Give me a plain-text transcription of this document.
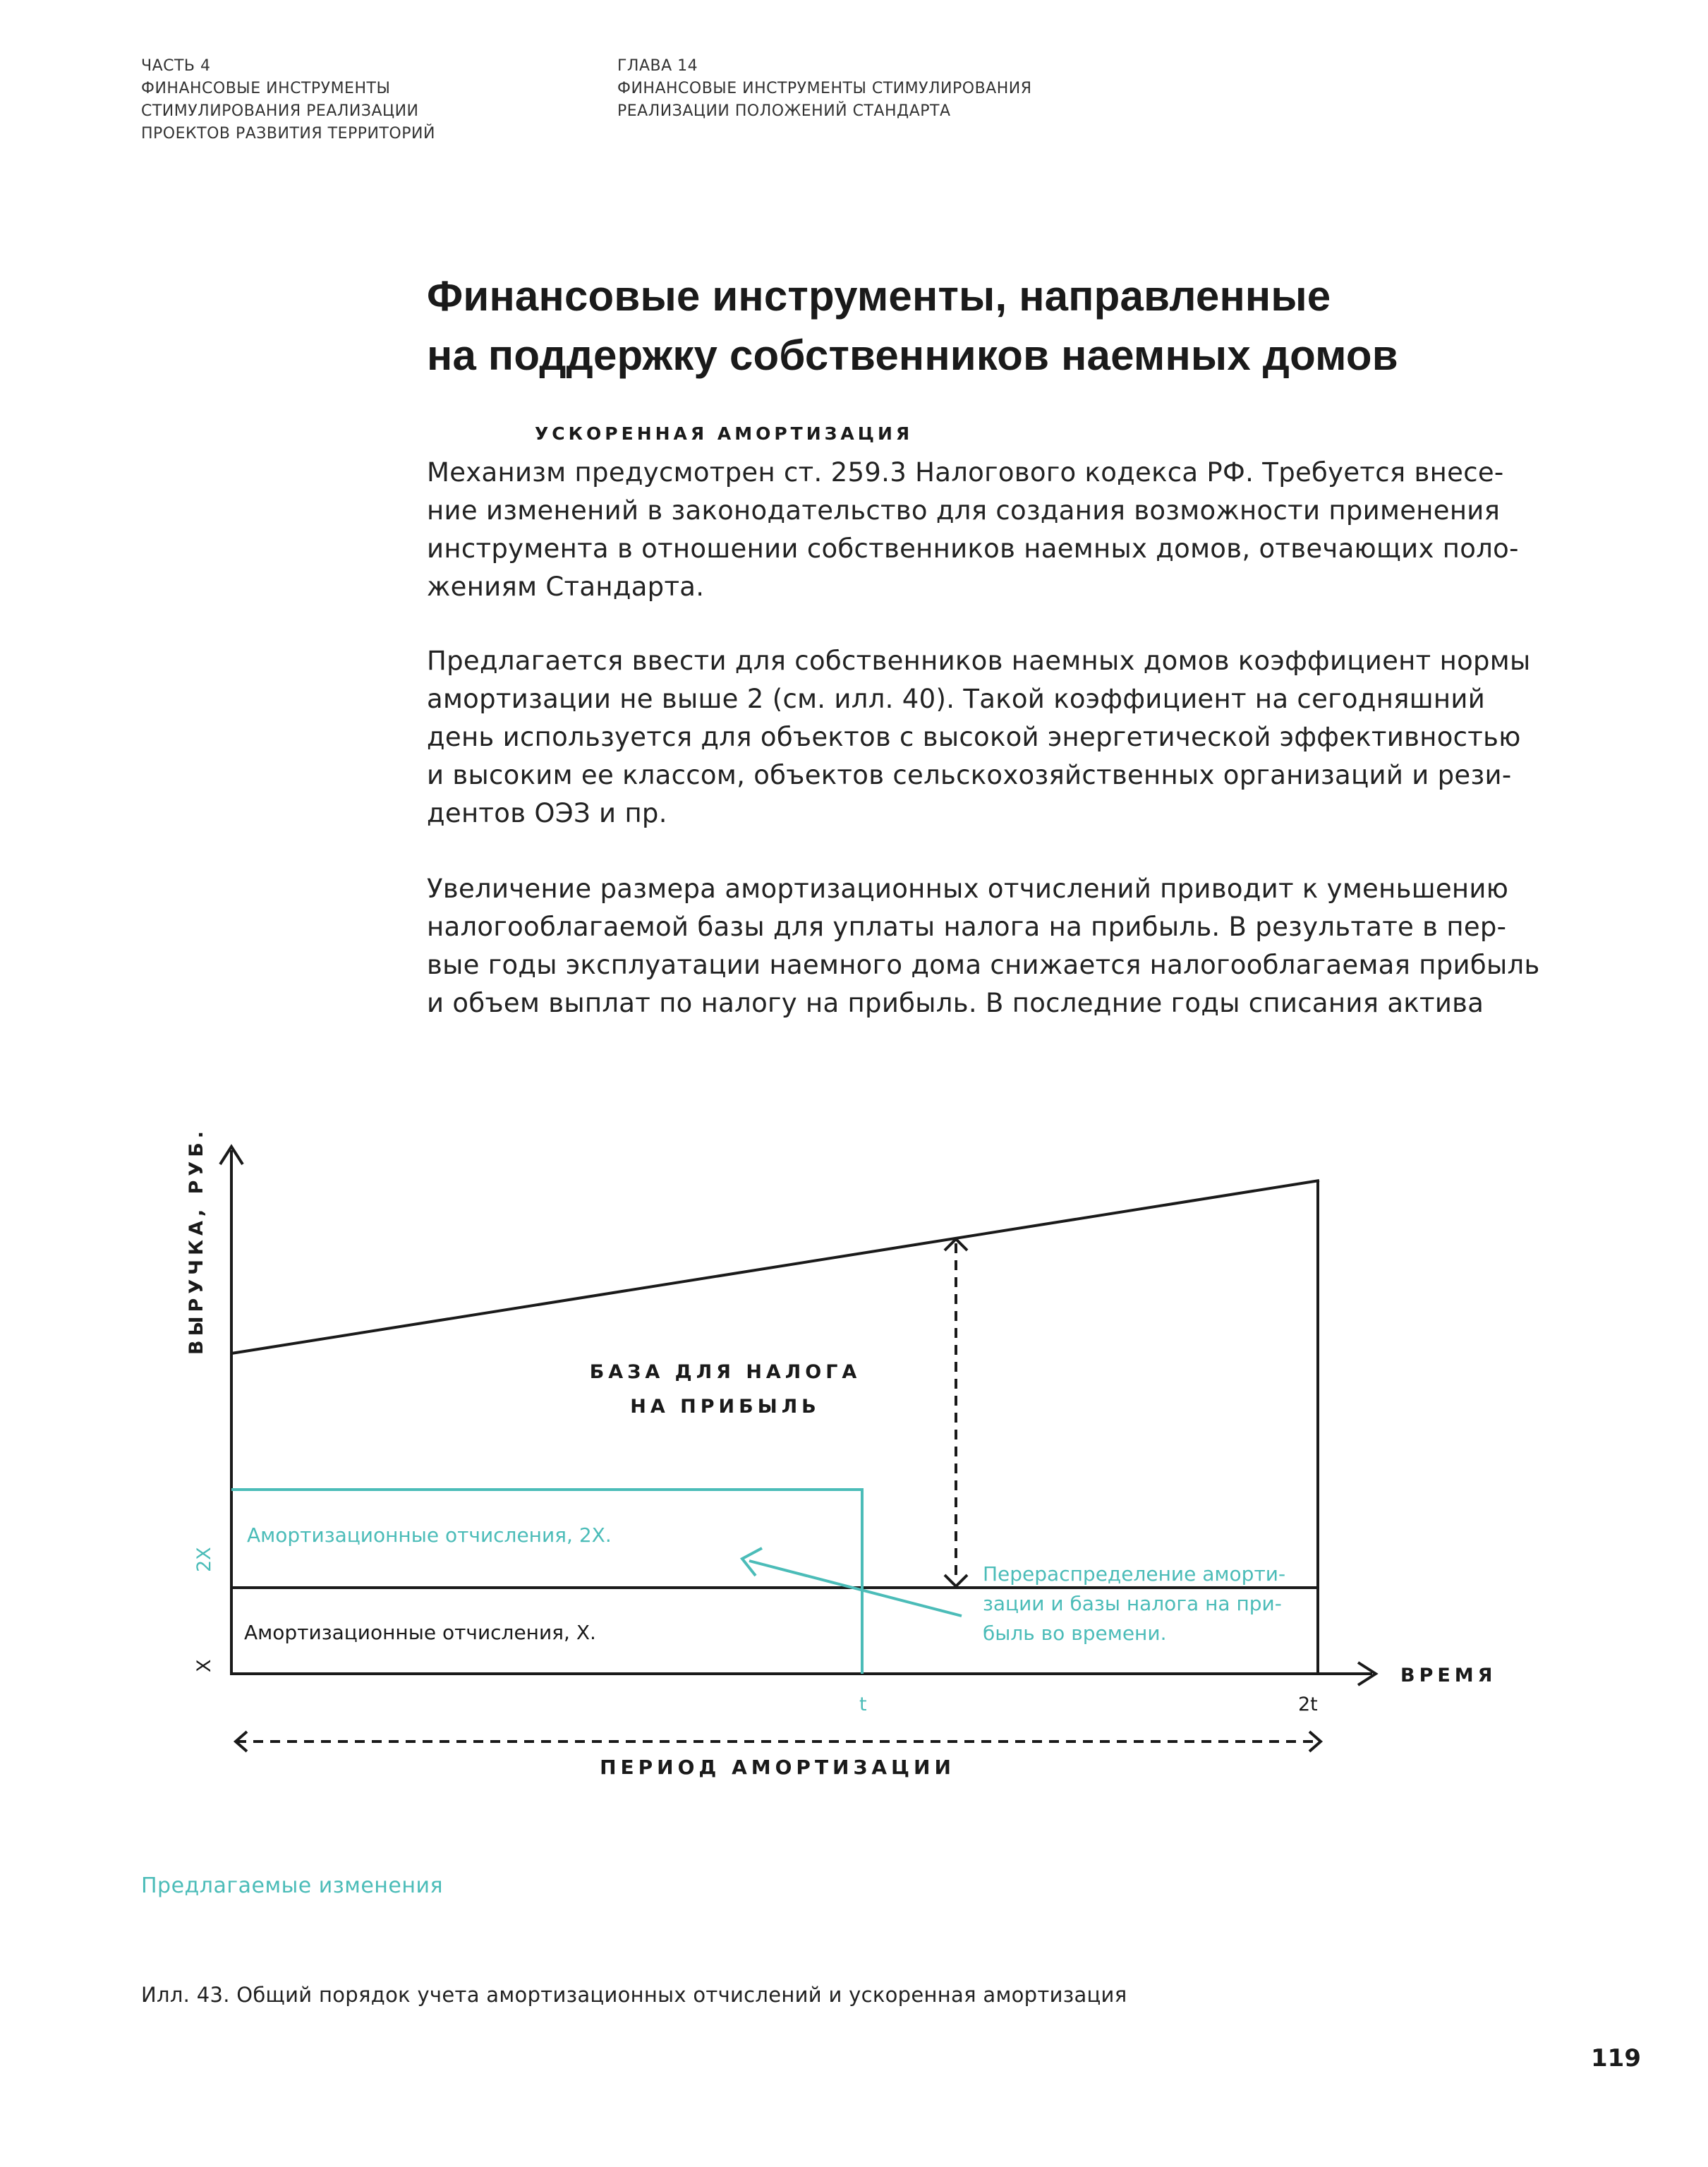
ЧАСТЬ 4
ФИНАНСОВЫЕ ИНСТРУМЕНТЫ
СТИМУЛИРОВАНИЯ РЕАЛИЗАЦИИ
ПРОЕКТОВ РАЗВИТИЯ ТЕРРИТОРИЙ
ГЛАВА 14
ФИНАНСОВЫЕ ИНСТРУМЕНТЫ СТИМУЛИРОВАНИЯ
РЕАЛИЗАЦИИ ПОЛОЖЕНИЙ СТАНДАРТА
Финансовые инструменты, направленные
на поддержку собственников наемных домов
УСКОРЕННАЯ АМОРТИЗАЦИЯ

Механизм предусмотрен ст. 259.3 Налогового кодекса РФ. Требуется внесе-
ние изменений в законодательство для создания возможности применения
инструмента в отношении собственников наемных домов, отвечающих поло-
жениям Стандарта.

Предлагается ввести для собственников наемных домов коэффициент нормы
амортизации не выше 2 (см. илл. 40). Такой коэффициент на сегодняшний
день используется для объектов с высокой энергетической эффективностью
и высоким ее классом, объектов сельскохозяйственных организаций и рези-
дентов ОЭЗ и пр.

Увеличение размера амортизационных отчислений приводит к уменьшению
налогооблагаемой базы для уплаты налога на прибыль. В результате в пер-
вые годы эксплуатации наемного дома снижается налогооблагаемая прибыль
и объем выплат по налогу на прибыль. В последние годы списания актива

ВЫРУЧКА, РУБ.
ВРЕМЯ
БАЗА ДЛЯ НАЛОГА
НА ПРИБЫЛЬ
Амортизационные отчисления, 2X.
Амортизационные отчисления, X.
Перераспределение аморти-
зации и базы налога на при-
быль во времени.
2X
X
t	2t
ПЕРИОД АМОРТИЗАЦИИ
Предлагаемые изменения
Илл. 43. Общий порядок учета амортизационных отчислений и ускоренная амортизация
119
